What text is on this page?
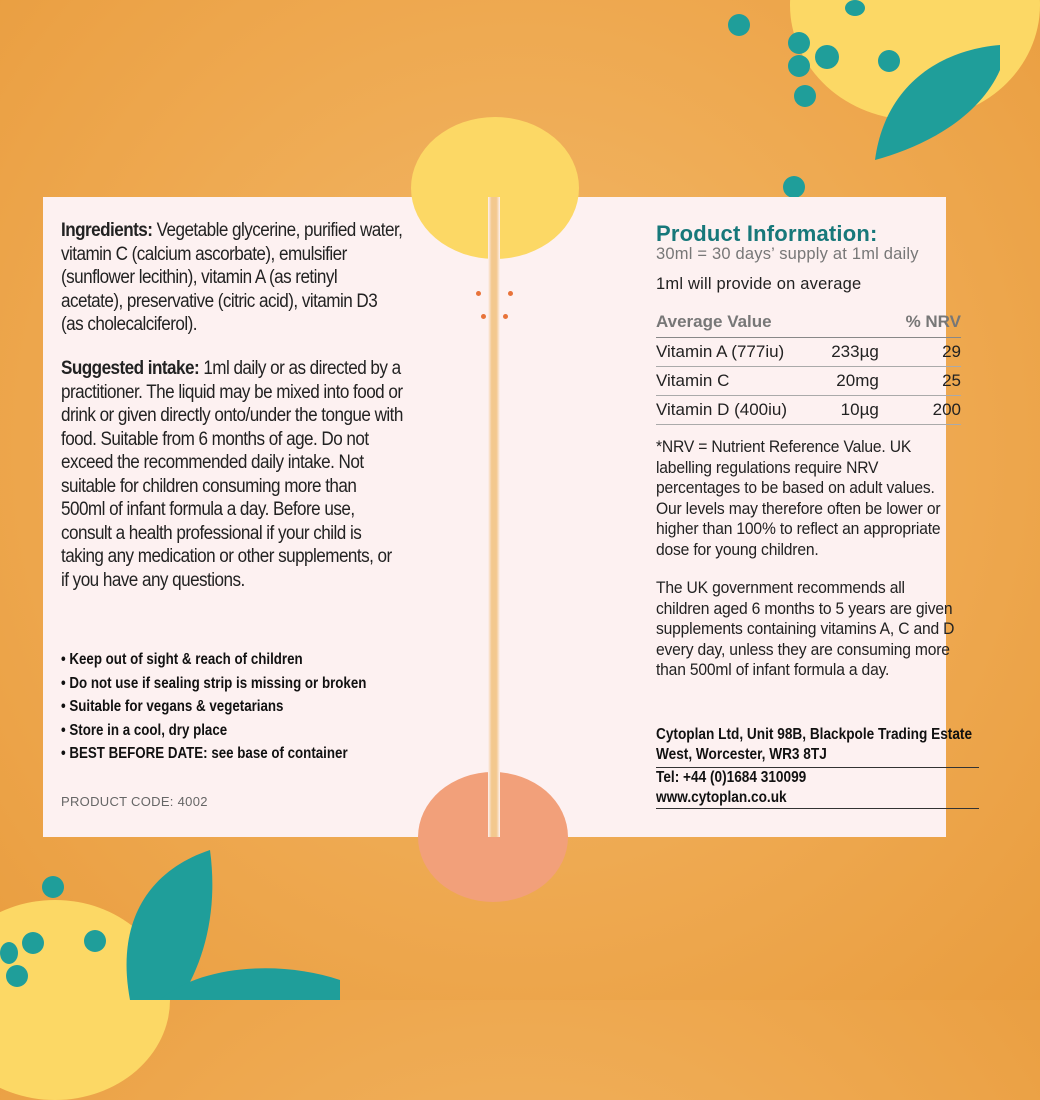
Ingredients: Vegetable glycerine, purified water, vitamin C (calcium ascorbate), emulsifier (sunflower lecithin), vitamin A (as retinyl acetate), preservative (citric acid), vitamin D3 (as cholecalciferol).
Suggested intake: 1ml daily or as directed by a practitioner. The liquid may be mixed into food or drink or given directly onto/under the tongue with food. Suitable from 6 months of age. Do not exceed the recommended daily intake. Not suitable for children consuming more than 500ml of infant formula a day. Before use, consult a health professional if your child is taking any medication or other supplements, or if you have any questions.
• Keep out of sight & reach of children
• Do not use if sealing strip is missing or broken
• Suitable for vegans & vegetarians
• Store in a cool, dry place
• BEST BEFORE DATE: see base of container
PRODUCT CODE: 4002
Product Information:
30ml = 30 days’ supply at 1ml daily
1ml will provide on average
Average Value		% NRV
Vitamin A (777iu)	233µg	29
Vitamin C	20mg	25
Vitamin D (400iu)	10µg	200
*NRV = Nutrient Reference Value. UK labelling regulations require NRV percentages to be based on adult values. Our levels may therefore often be lower or higher than 100% to reflect an appropriate dose for young children.
The UK government recommends all children aged 6 months to 5 years are given supplements containing vitamins A, C and D every day, unless they are consuming more than 500ml of infant formula a day.
Cytoplan Ltd, Unit 98B, Blackpole Trading Estate West, Worcester, WR3 8TJ
Tel: +44 (0)1684 310099
www.cytoplan.co.uk
